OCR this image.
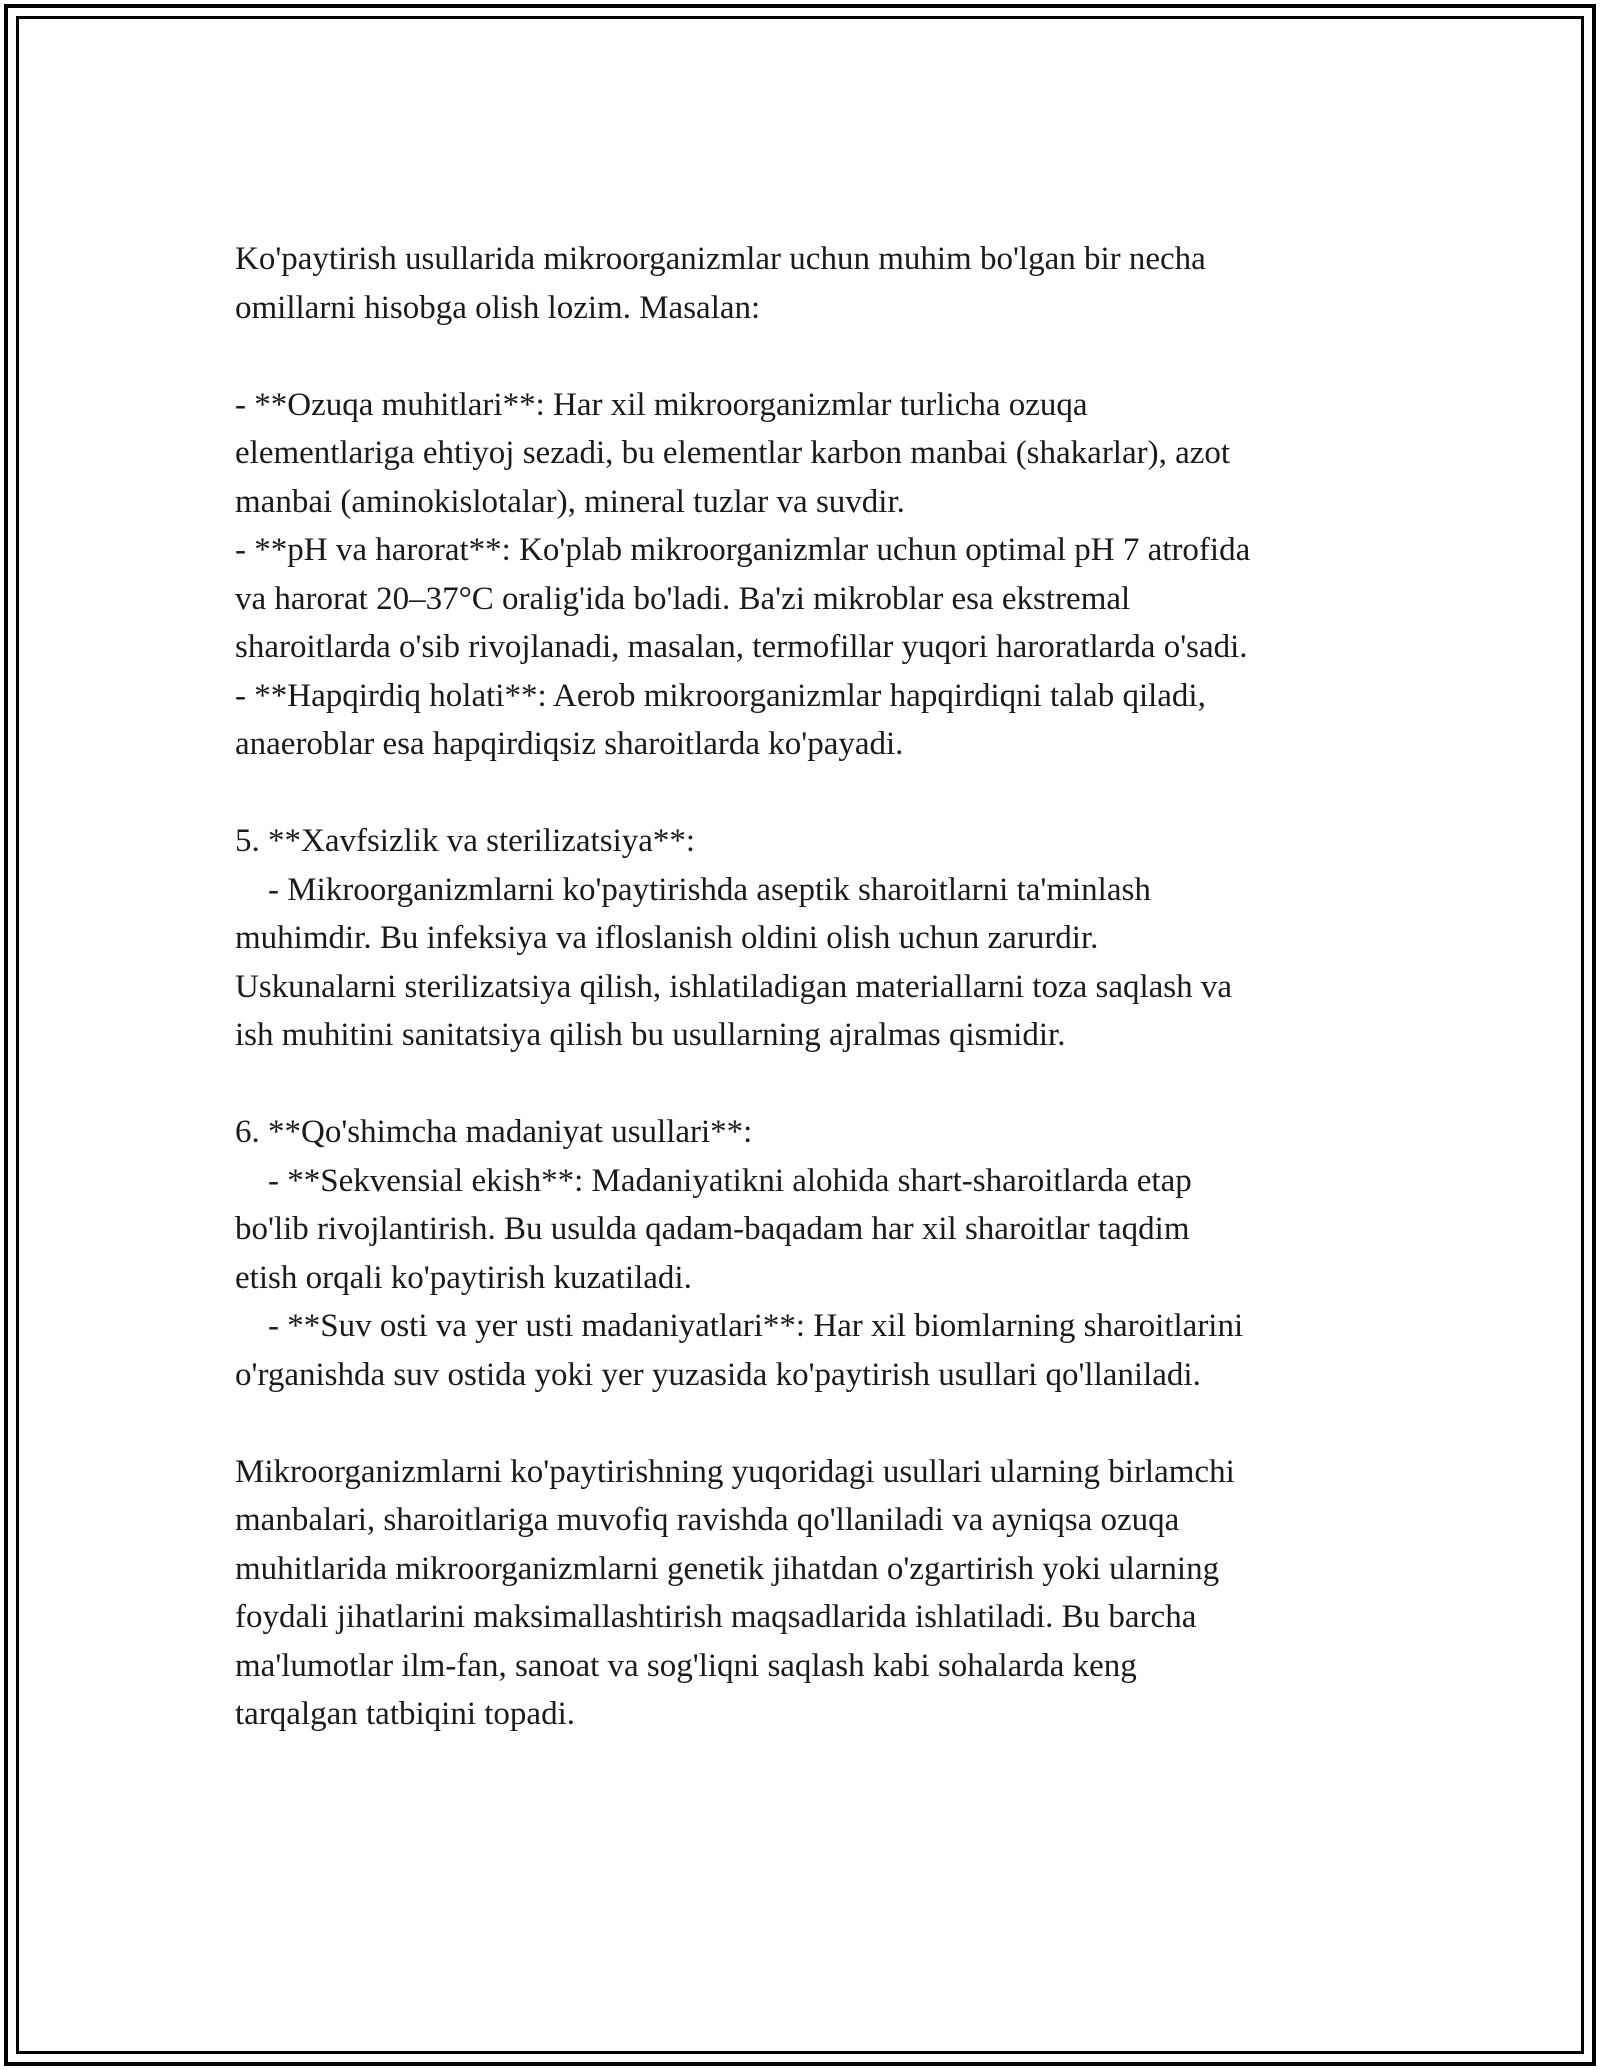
Ko'paytirish usullarida mikroorganizmlar uchun muhim bo'lgan bir necha
omillarni hisobga olish lozim. Masalan:
- **Ozuqa muhitlari**: Har xil mikroorganizmlar turlicha ozuqa
elementlariga ehtiyoj sezadi, bu elementlar karbon manbai (shakarlar), azot
manbai (aminokislotalar), mineral tuzlar va suvdir.
- **pH va harorat**: Ko'plab mikroorganizmlar uchun optimal pH 7 atrofida
va harorat 20–37°C oralig'ida bo'ladi. Ba'zi mikroblar esa ekstremal
sharoitlarda o'sib rivojlanadi, masalan, termofillar yuqori haroratlarda o'sadi.
- **Hapqirdiq holati**: Aerob mikroorganizmlar hapqirdiqni talab qiladi,
anaeroblar esa hapqirdiqsiz sharoitlarda ko'payadi.
5. **Xavfsizlik va sterilizatsiya**:
- Mikroorganizmlarni ko'paytirishda aseptik sharoitlarni ta'minlash
muhimdir. Bu infeksiya va ifloslanish oldini olish uchun zarurdir.
Uskunalarni sterilizatsiya qilish, ishlatiladigan materiallarni toza saqlash va
ish muhitini sanitatsiya qilish bu usullarning ajralmas qismidir.
6. **Qo'shimcha madaniyat usullari**:
- **Sekvensial ekish**: Madaniyatikni alohida shart-sharoitlarda etap
bo'lib rivojlantirish. Bu usulda qadam-baqadam har xil sharoitlar taqdim
etish orqali ko'paytirish kuzatiladi.
- **Suv osti va yer usti madaniyatlari**: Har xil biomlarning sharoitlarini
o'rganishda suv ostida yoki yer yuzasida ko'paytirish usullari qo'llaniladi.
Mikroorganizmlarni ko'paytirishning yuqoridagi usullari ularning birlamchi
manbalari, sharoitlariga muvofiq ravishda qo'llaniladi va ayniqsa ozuqa
muhitlarida mikroorganizmlarni genetik jihatdan o'zgartirish yoki ularning
foydali jihatlarini maksimallashtirish maqsadlarida ishlatiladi. Bu barcha
ma'lumotlar ilm-fan, sanoat va sog'liqni saqlash kabi sohalarda keng
tarqalgan tatbiqini topadi.
